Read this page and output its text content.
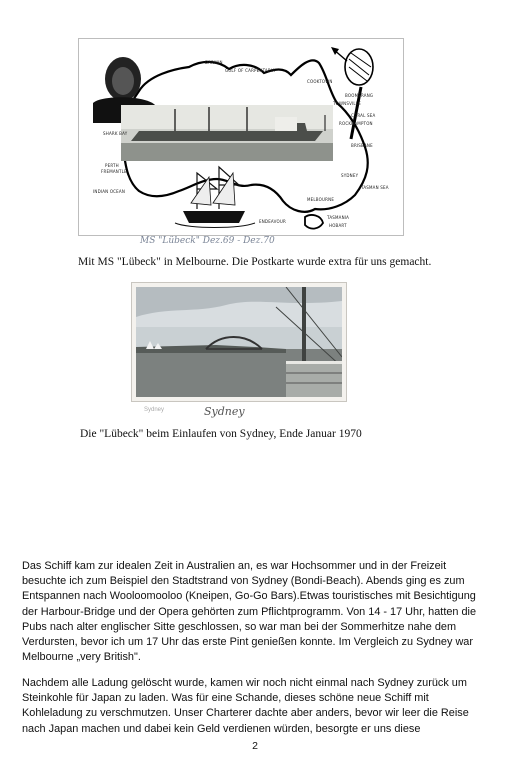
DARWIN
GULF OF CARPENTARIA
COOKTOWN
ROCKHAMPTON
TOWNSVILLE
BRISBANE
SYDNEY
MELBOURNE
SHARK BAY
PERTH
FREMANTLE
INDIAN OCEAN
ENDEAVOUR
TASMAN SEA
CORAL SEA
TASMANIA
HOBART
BOOMERANG
MS "Lübeck" Dez.69 - Dez.70
Mit MS "Lübeck" in Melbourne. Die Postkarte wurde extra für uns gemacht.
Sydney	Sydney
Die "Lübeck" beim Einlaufen von Sydney, Ende Januar 1970
Das Schiff kam zur idealen Zeit in Australien an, es war Hochsommer und in der Freizeit besuchte ich zum Beispiel den Stadtstrand von Sydney (Bondi-Beach). Abends ging es zum Entspannen nach Wooloomooloo (Kneipen, Go-Go Bars).Etwas touristisches mit Besichtigung der Harbour-Bridge und der Opera gehörten zum Pflichtprogramm. Von 14 - 17 Uhr, hatten die Pubs nach alter englischer Sitte geschlossen, so war man bei der Sommerhitze nahe dem Verdursten, bevor ich um 17 Uhr das erste Pint genießen konnte. Im Vergleich zu Sydney war Melbourne „very British".
Nachdem alle Ladung gelöscht wurde, kamen wir noch nicht einmal nach Sydney zurück um Steinkohle für Japan zu laden. Was für eine Schande, dieses schöne neue Schiff mit Kohleladung zu verschmutzen. Unser Charterer dachte aber anders, bevor wir leer die Reise nach Japan machen und dabei kein Geld verdienen würden, besorgte er uns diese
2
